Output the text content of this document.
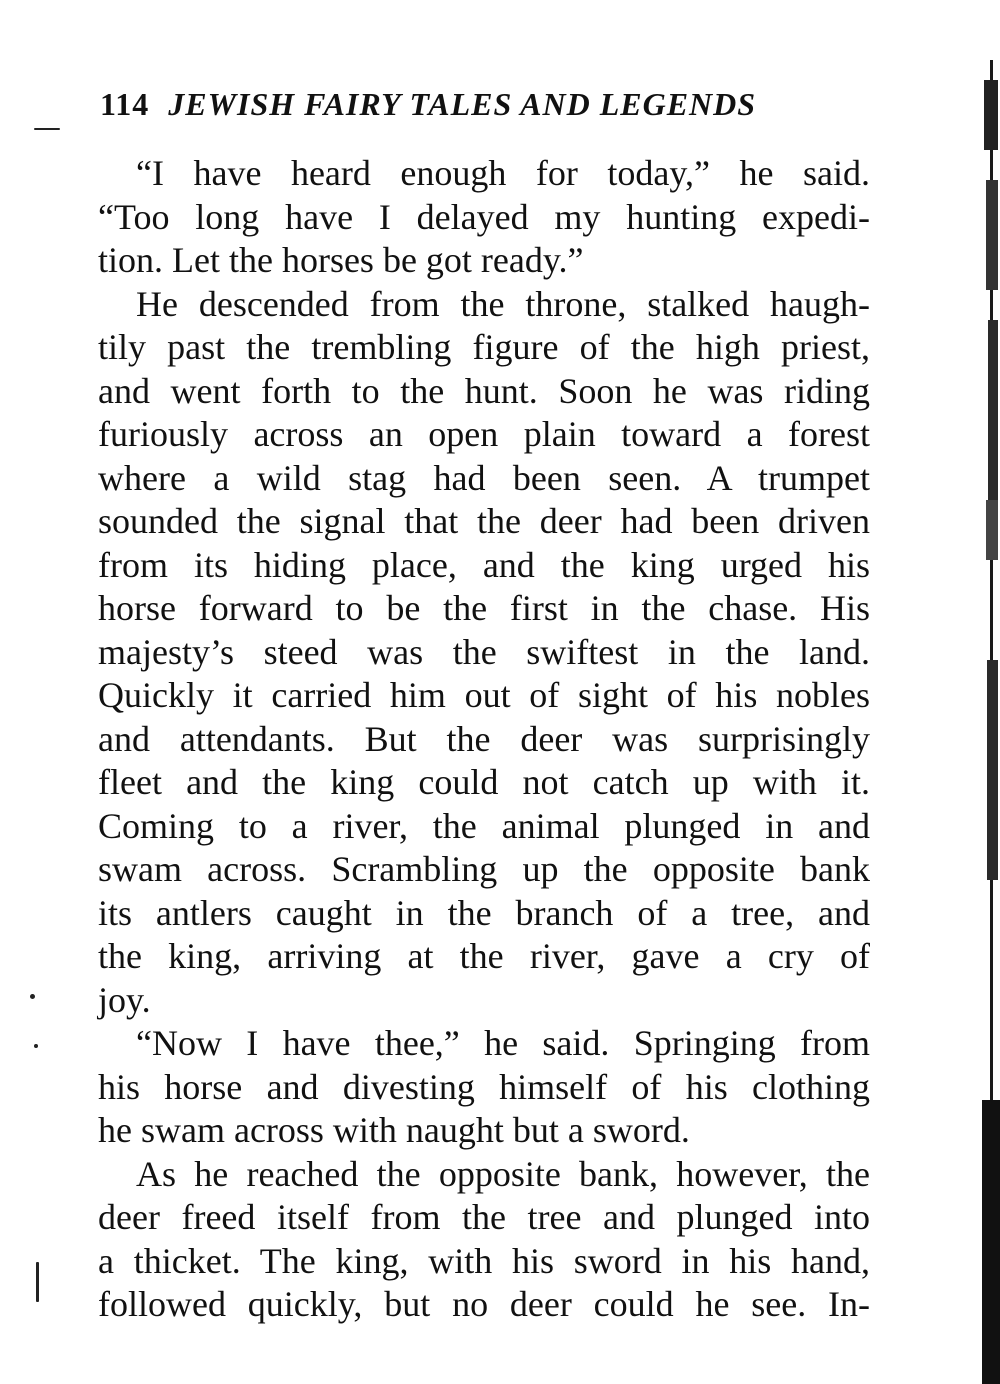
114 JEWISH FAIRY TALES AND LEGENDS
“I have heard enough for today,” he said.
“Too long have I delayed my hunting expedi-
tion. Let the horses be got ready.”
He descended from the throne, stalked haugh-
tily past the trembling figure of the high priest,
and went forth to the hunt. Soon he was riding
furiously across an open plain toward a forest
where a wild stag had been seen. A trumpet
sounded the signal that the deer had been driven
from its hiding place, and the king urged his
horse forward to be the first in the chase. His
majesty’s steed was the swiftest in the land.
Quickly it carried him out of sight of his nobles
and attendants. But the deer was surprisingly
fleet and the king could not catch up with it.
Coming to a river, the animal plunged in and
swam across. Scrambling up the opposite bank
its antlers caught in the branch of a tree, and
the king, arriving at the river, gave a cry of
joy.
“Now I have thee,” he said. Springing from
his horse and divesting himself of his clothing
he swam across with naught but a sword.
As he reached the opposite bank, however, the
deer freed itself from the tree and plunged into
a thicket. The king, with his sword in his hand,
followed quickly, but no deer could he see. In-
